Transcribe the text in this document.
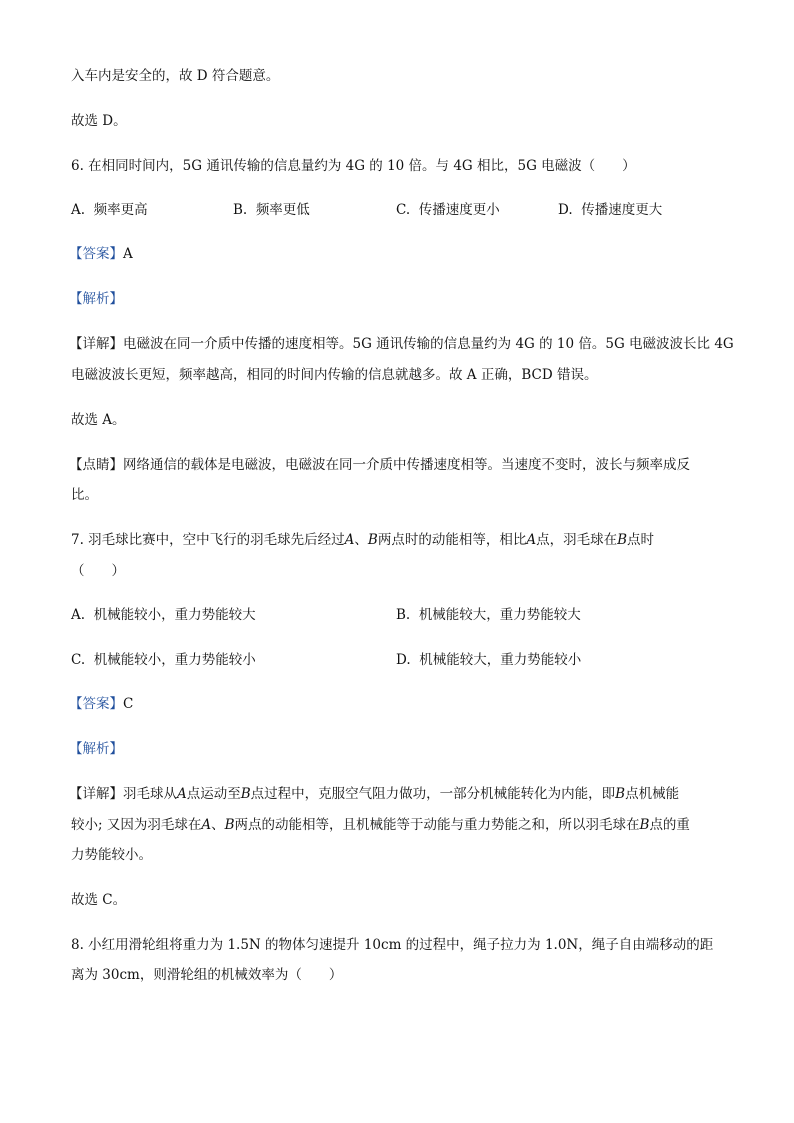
入车内是安全的，故 D 符合题意。
故选 D。
6. 在相同时间内，5G 通讯传输的信息量约为 4G 的 10 倍。与 4G 相比，5G 电磁波（　　）
A. 频率更高	B. 频率更低	C. 传播速度更小	D. 传播速度更大
【答案】A
【解析】
【详解】电磁波在同一介质中传播的速度相等。5G 通讯传输的信息量约为 4G 的 10 倍。5G 电磁波波长比 4G
电磁波波长更短，频率越高，相同的时间内传输的信息就越多。故 A 正确，BCD 错误。
故选 A。
【点睛】网络通信的载体是电磁波，电磁波在同一介质中传播速度相等。当速度不变时，波长与频率成反
比。
7. 羽毛球比赛中，空中飞行的羽毛球先后经过A、B两点时的动能相等，相比A点，羽毛球在B点时
（　　）
A. 机械能较小，重力势能较大	B. 机械能较大，重力势能较大
C. 机械能较小，重力势能较小	D. 机械能较大，重力势能较小
【答案】C
【解析】
【详解】羽毛球从A点运动至B点过程中，克服空气阻力做功，一部分机械能转化为内能，即B点机械能
较小; 又因为羽毛球在A、B两点的动能相等，且机械能等于动能与重力势能之和，所以羽毛球在B点的重
力势能较小。
故选 C。
8. 小红用滑轮组将重力为 1.5N 的物体匀速提升 10cm 的过程中，绳子拉力为 1.0N，绳子自由端移动的距
离为 30cm，则滑轮组的机械效率为（　　）
